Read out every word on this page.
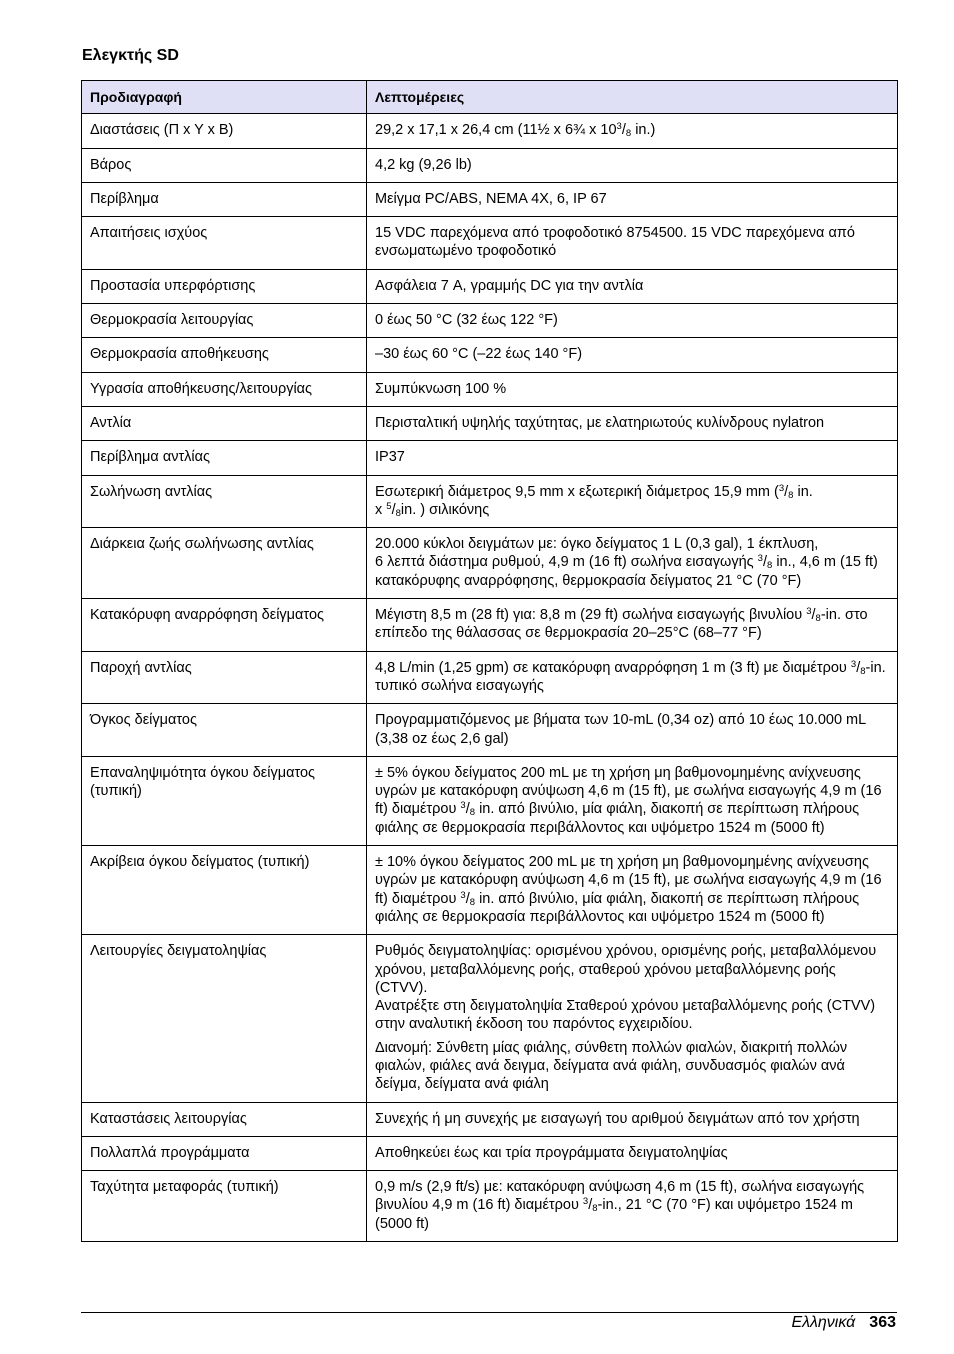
Ελεγκτής SD
Προδιαγραφή	Λεπτομέρειες
Διαστάσεις (Π x Y x B)	29,2 x 17,1 x 26,4 cm (11½ x 6¾ x $10^3/_8$ in.)
Βάρος	4,2 kg (9,26 lb)
Περίβλημα	Μείγμα PC/ABS, NEMA 4X, 6, IP 67
Απαιτήσεις ισχύος	15 VDC παρεχόμενα από τροφοδοτικό 8754500. 15 VDC παρεχόμενα από ενσωματωμένο τροφοδοτικό
Προστασία υπερφόρτισης	Ασφάλεια 7 A, γραμμής DC για την αντλία
Θερμοκρασία λειτουργίας	0 έως 50 °C (32 έως 122 °F)
Θερμοκρασία αποθήκευσης	–30 έως 60 °C (–22 έως 140 °F)
Υγρασία αποθήκευσης/λειτουργίας	Συμπύκνωση 100 %
Αντλία	Περισταλτική υψηλής ταχύτητας, με ελατηριωτούς κυλίνδρους nylatron
Περίβλημα αντλίας	IP37
Σωλήνωση αντλίας	Εσωτερική διάμετρος 9,5 mm x εξωτερική διάμετρος 15,9 mm ($^3/_8$ in.
x $^5/_8in$. ) σιλικόνης
Διάρκεια ζωής σωλήνωσης αντλίας	20.000 κύκλοι δειγμάτων με: όγκο δείγματος 1 L (0,3 gal), 1 έκπλυση,
6 λεπτά διάστημα ρυθμού, 4,9 m (16 ft) σωλήνα εισαγωγής $^3/_8$ in., 4,6 m (15 ft) κατακόρυφης αναρρόφησης, θερμοκρασία δείγματος 21 °C (70 °F)
Κατακόρυφη αναρρόφηση δείγματος	Μέγιστη 8,5 m (28 ft) για: 8,8 m (29 ft) σωλήνα εισαγωγής βινυλίου $^3/_8-in$. στο επίπεδο της θάλασσας σε θερμοκρασία 20–25°C (68–77 °F)
Παροχή αντλίας	4,8 L/min (1,25 gpm) σε κατακόρυφη αναρρόφηση 1 m (3 ft) με διαμέτρου $^3/_8-in$. τυπικό σωλήνα εισαγωγής
Όγκος δείγματος	Προγραμματιζόμενος με βήματα των 10-mL (0,34 oz) από 10 έως 10.000 mL (3,38 oz έως 2,6 gal)
Επαναληψιμότητα όγκου δείγματος (τυπική)	± 5% όγκου δείγματος 200 mL με τη χρήση μη βαθμονομημένης ανίχνευσης υγρών με κατακόρυφη ανύψωση 4,6 m (15 ft), με σωλήνα εισαγωγής 4,9 m (16 ft) διαμέτρου $^3/_8$ in. από βινύλιο, μία φιάλη, διακοπή σε περίπτωση πλήρους φιάλης σε θερμοκρασία περιβάλλοντος και υψόμετρο 1524 m (5000 ft)
Ακρίβεια όγκου δείγματος (τυπική)	± 10% όγκου δείγματος 200 mL με τη χρήση μη βαθμονομημένης ανίχνευσης υγρών με κατακόρυφη ανύψωση 4,6 m (15 ft), με σωλήνα εισαγωγής 4,9 m (16 ft) διαμέτρου $^3/_8$ in. από βινύλιο, μία φιάλη, διακοπή σε περίπτωση πλήρους φιάλης σε θερμοκρασία περιβάλλοντος και υψόμετρο 1524 m (5000 ft)
Λειτουργίες δειγματοληψίας	Ρυθμός δειγματοληψίας: ορισμένου χρόνου, ορισμένης ροής, μεταβαλλόμενου χρόνου, μεταβαλλόμενης ροής, σταθερού χρόνου μεταβαλλόμενης ροής (CTVV).
Ανατρέξτε στη δειγματοληψία Σταθερού χρόνου μεταβαλλόμενης ροής (CTVV) στην αναλυτική έκδοση του παρόντος εγχειριδίου.

Διανομή: Σύνθετη μίας φιάλης, σύνθετη πολλών φιαλών, διακριτή πολλών φιαλών, φιάλες ανά δειγμα, δείγματα ανά φιάλη, συνδυασμός φιαλών ανά δείγμα, δείγματα ανά φιάλη

Καταστάσεις λειτουργίας	Συνεχής ή μη συνεχής με εισαγωγή του αριθμού δειγμάτων από τον χρήστη
Πολλαπλά προγράμματα	Αποθηκεύει έως και τρία προγράμματα δειγματοληψίας
Ταχύτητα μεταφοράς (τυπική)	0,9 m/s (2,9 ft/s) με: κατακόρυφη ανύψωση 4,6 m (15 ft), σωλήνα εισαγωγής βινυλίου 4,9 m (16 ft) διαμέτρου $^3/_8-in$., 21 °C (70 °F) και υψόμετρο 1524 m (5000 ft)
Ελληνικά 363
